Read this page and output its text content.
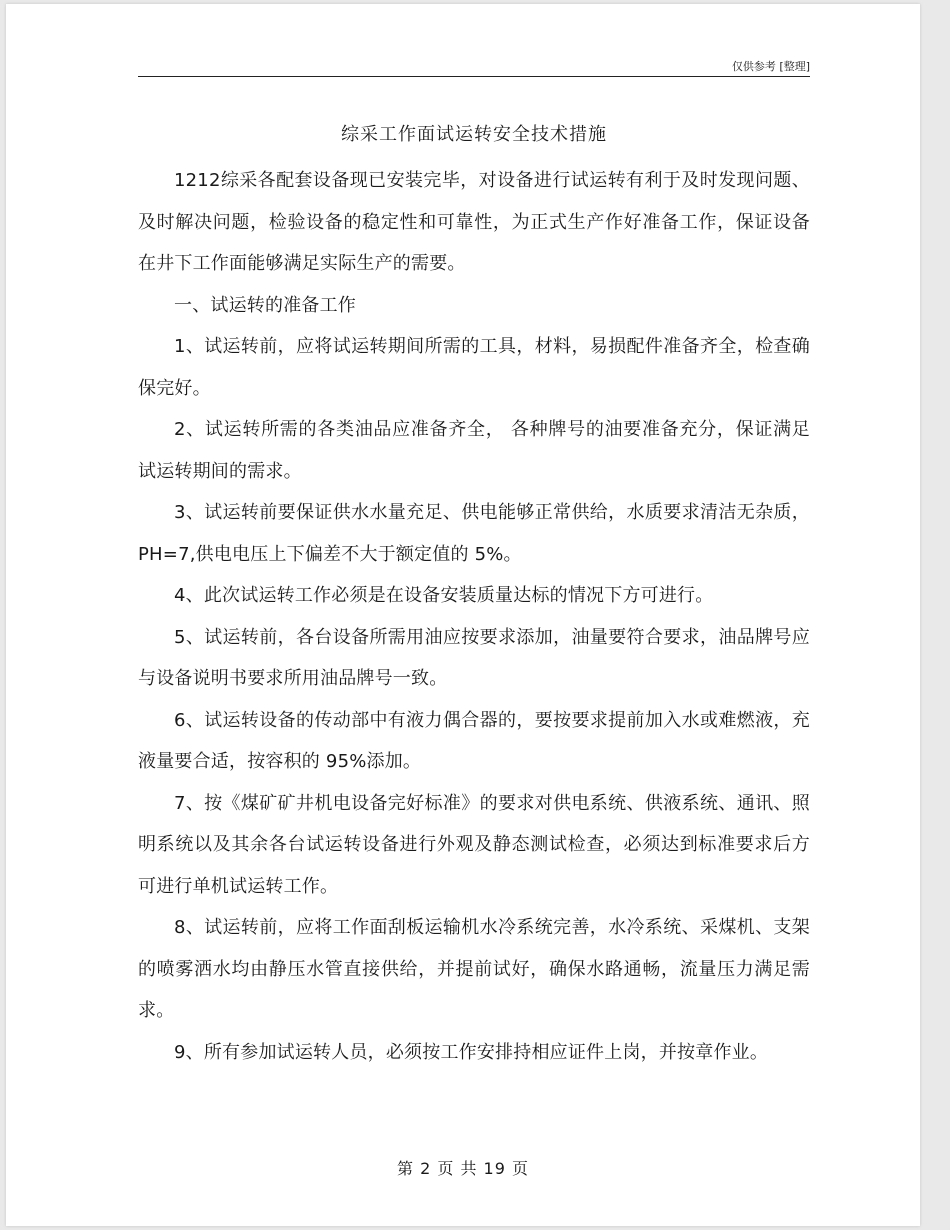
仅供参考 [整理]
综采工作面试运转安全技术措施

1212综采各配套设备现已安装完毕，对设备进行试运转有利于及时发现问题、及时解决问题，检验设备的稳定性和可靠性，为正式生产作好准备工作，保证设备在井下工作面能够满足实际生产的需要。

一、试运转的准备工作

1、试运转前，应将试运转期间所需的工具，材料，易损配件准备齐全，检查确保完好。

2、试运转所需的各类油品应准备齐全， 各种牌号的油要准备充分，保证满足试运转期间的需求。

3、试运转前要保证供水水量充足、供电能够正常供给，水质要求清洁无杂质， PH=7,供电电压上下偏差不大于额定值的 5%。

4、此次试运转工作必须是在设备安装质量达标的情况下方可进行。

5、试运转前，各台设备所需用油应按要求添加，油量要符合要求，油品牌号应与设备说明书要求所用油品牌号一致。

6、试运转设备的传动部中有液力偶合器的，要按要求提前加入水或难燃液，充液量要合适，按容积的 95%添加。

7、按《煤矿矿井机电设备完好标准》的要求对供电系统、供液系统、通讯、照明系统以及其余各台试运转设备进行外观及静态测试检查，必须达到标准要求后方可进行单机试运转工作。

8、试运转前，应将工作面刮板运输机水冷系统完善，水冷系统、采煤机、支架的喷雾洒水均由静压水管直接供给，并提前试好，确保水路通畅，流量压力满足需求。

9、所有参加试运转人员，必须按工作安排持相应证件上岗，并按章作业。

第 2 页 共 19 页
